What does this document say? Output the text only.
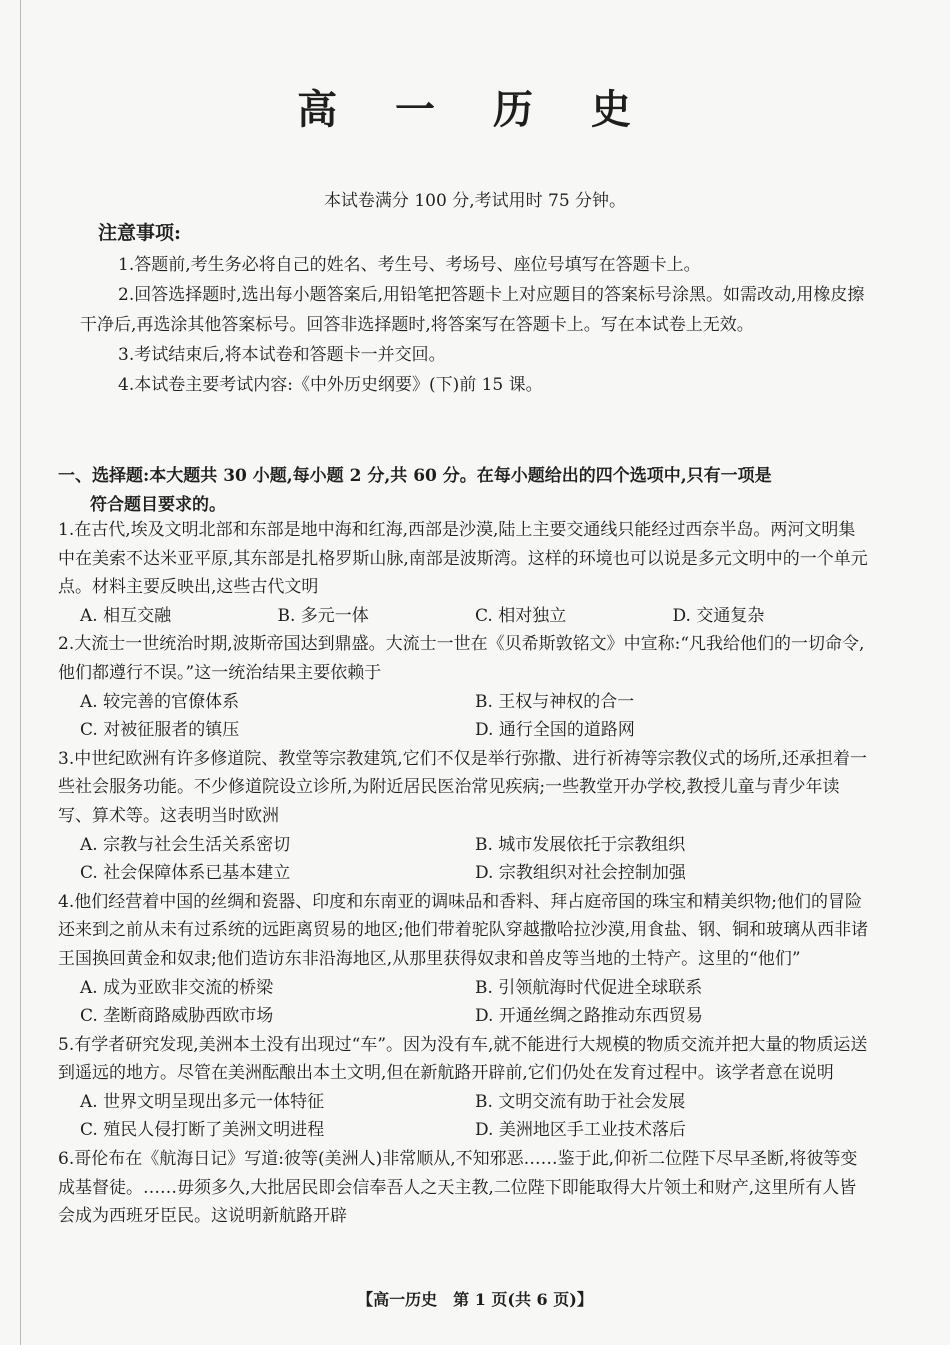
高 一 历 史
本试卷满分 100 分,考试用时 75 分钟。
注意事项:

1.答题前,考生务必将自己的姓名、考生号、考场号、座位号填写在答题卡上。

2.回答选择题时,选出每小题答案后,用铅笔把答题卡上对应题目的答案标号涂黑。如需改动,用橡皮擦干净后,再选涂其他答案标号。回答非选择题时,将答案写在答题卡上。写在本试卷上无效。

3.考试结束后,将本试卷和答题卡一并交回。

4.本试卷主要考试内容:《中外历史纲要》(下)前 15 课。

一、选择题:本大题共 30 小题,每小题 2 分,共 60 分。在每小题给出的四个选项中,只有一项是
符合题目要求的。

1.在古代,埃及文明北部和东部是地中海和红海,西部是沙漠,陆上主要交通线只能经过西奈半岛。两河文明集中在美索不达米亚平原,其东部是扎格罗斯山脉,南部是波斯湾。这样的环境也可以说是多元文明中的一个单元点。材料主要反映出,这些古代文明

A. 相互交融	B. 多元一体	C. 相对独立	D. 交通复杂

2.大流士一世统治时期,波斯帝国达到鼎盛。大流士一世在《贝希斯敦铭文》中宣称:“凡我给他们的一切命令,他们都遵行不误。”这一统治结果主要依赖于

A. 较完善的官僚体系	B. 王权与神权的合一
C. 对被征服者的镇压	D. 通行全国的道路网

3.中世纪欧洲有许多修道院、教堂等宗教建筑,它们不仅是举行弥撒、进行祈祷等宗教仪式的场所,还承担着一些社会服务功能。不少修道院设立诊所,为附近居民医治常见疾病;一些教堂开办学校,教授儿童与青少年读写、算术等。这表明当时欧洲

A. 宗教与社会生活关系密切	B. 城市发展依托于宗教组织
C. 社会保障体系已基本建立	D. 宗教组织对社会控制加强

4.他们经营着中国的丝绸和瓷器、印度和东南亚的调味品和香料、拜占庭帝国的珠宝和精美织物;他们的冒险还来到之前从未有过系统的远距离贸易的地区;他们带着驼队穿越撒哈拉沙漠,用食盐、钢、铜和玻璃从西非诸王国换回黄金和奴隶;他们造访东非沿海地区,从那里获得奴隶和兽皮等当地的土特产。这里的“他们”

A. 成为亚欧非交流的桥梁	B. 引领航海时代促进全球联系
C. 垄断商路威胁西欧市场	D. 开通丝绸之路推动东西贸易

5.有学者研究发现,美洲本土没有出现过“车”。因为没有车,就不能进行大规模的物质交流并把大量的物质运送到遥远的地方。尽管在美洲酝酿出本土文明,但在新航路开辟前,它们仍处在发育过程中。该学者意在说明

A. 世界文明呈现出多元一体特征	B. 文明交流有助于社会发展
C. 殖民人侵打断了美洲文明进程	D. 美洲地区手工业技术落后

6.哥伦布在《航海日记》写道:彼等(美洲人)非常顺从,不知邪恶……鉴于此,仰祈二位陛下尽早圣断,将彼等变成基督徒。……毋须多久,大批居民即会信奉吾人之天主教,二位陛下即能取得大片领土和财产,这里所有人皆会成为西班牙臣民。这说明新航路开辟

【高一历史　第 1 页(共 6 页)】
